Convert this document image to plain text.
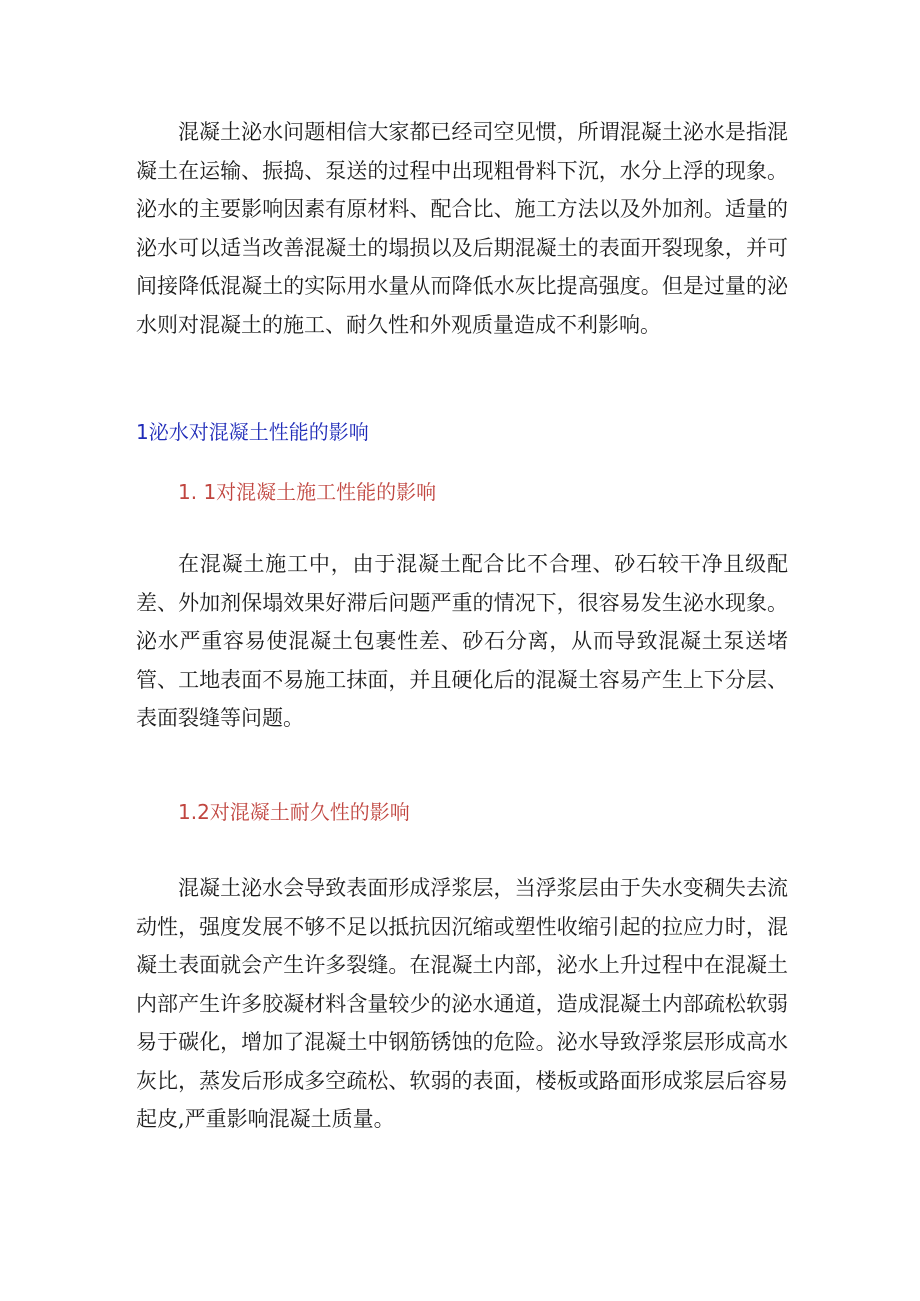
混凝土泌水问题相信大家都已经司空见惯，所谓混凝土泌水是指混凝土在运输、振捣、泵送的过程中出现粗骨料下沉，水分上浮的现象。泌水的主要影响因素有原材料、配合比、施工方法以及外加剂。适量的泌水可以适当改善混凝土的塌损以及后期混凝土的表面开裂现象，并可间接降低混凝土的实际用水量从而降低水灰比提高强度。但是过量的泌水则对混凝土的施工、耐久性和外观质量造成不利影响。

1泌水对混凝土性能的影响
1. 1对混凝土施工性能的影响

在混凝土施工中，由于混凝土配合比不合理、砂石较干净且级配差、外加剂保塌效果好滞后问题严重的情况下，很容易发生泌水现象。泌水严重容易使混凝土包裹性差、砂石分离，从而导致混凝土泵送堵管、工地表面不易施工抹面，并且硬化后的混凝土容易产生上下分层、表面裂缝等问题。

1.2对混凝土耐久性的影响

混凝土泌水会导致表面形成浮浆层，当浮浆层由于失水变稠失去流动性，强度发展不够不足以抵抗因沉缩或塑性收缩引起的拉应力时，混凝土表面就会产生许多裂缝。在混凝土内部，泌水上升过程中在混凝土内部产生许多胶凝材料含量较少的泌水通道，造成混凝土内部疏松软弱易于碳化，增加了混凝土中钢筋锈蚀的危险。泌水导致浮浆层形成高水灰比，蒸发后形成多空疏松、软弱的表面，楼板或路面形成浆层后容易起皮,严重影响混凝土质量。
